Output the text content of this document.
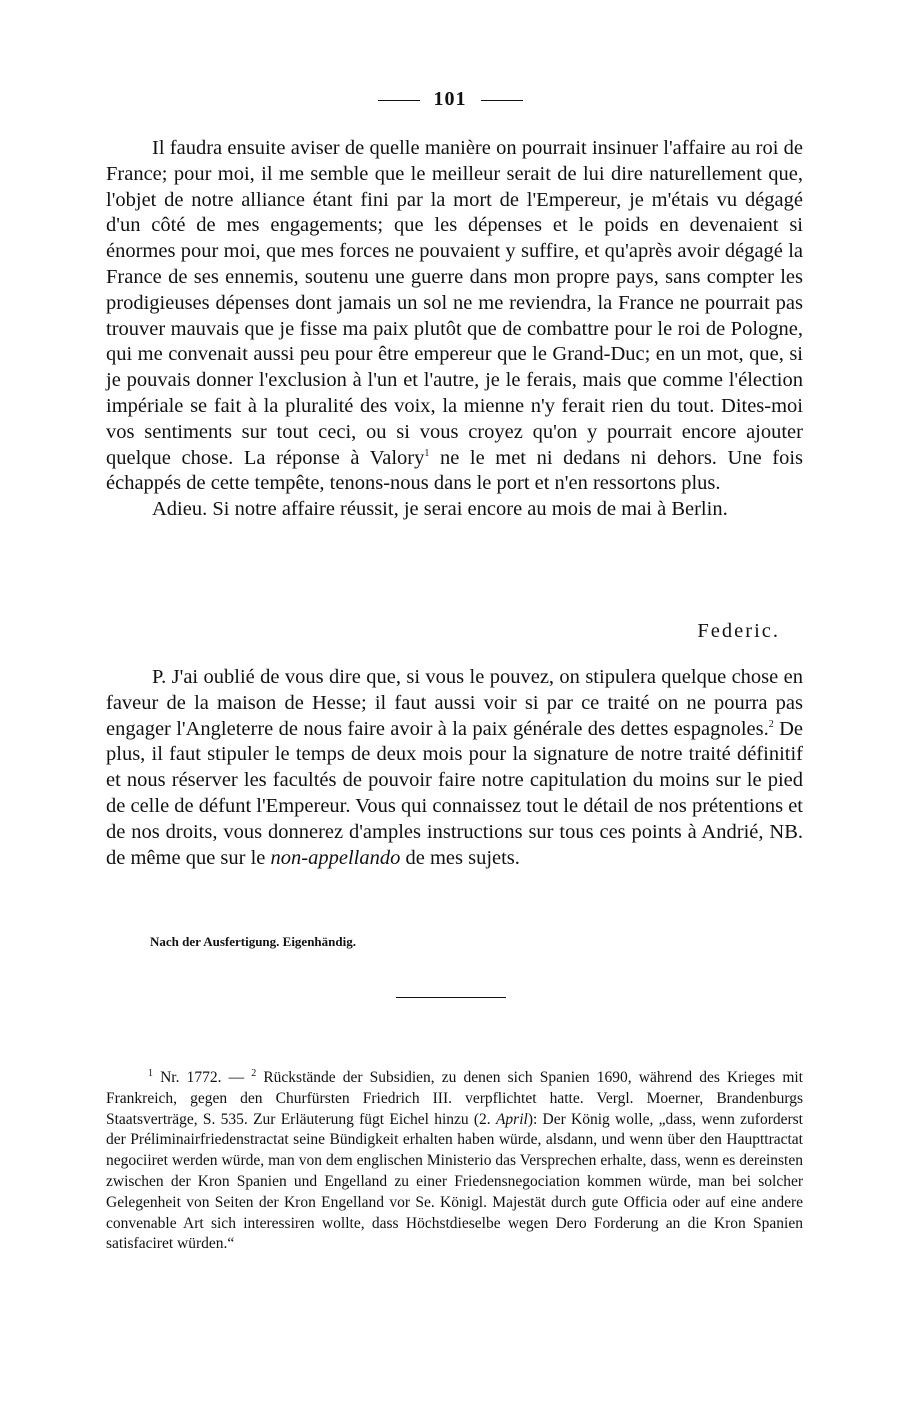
101

Il faudra ensuite aviser de quelle manière on pourrait insinuer l'affaire au roi de France; pour moi, il me semble que le meilleur serait de lui dire naturellement que, l'objet de notre alliance étant fini par la mort de l'Empereur, je m'étais vu dégagé d'un côté de mes engagements; que les dépenses et le poids en devenaient si énormes pour moi, que mes forces ne pouvaient y suffire, et qu'après avoir dégagé la France de ses ennemis, soutenu une guerre dans mon propre pays, sans compter les prodigieuses dépenses dont jamais un sol ne me reviendra, la France ne pourrait pas trouver mauvais que je fisse ma paix plutôt que de combattre pour le roi de Pologne, qui me convenait aussi peu pour être empereur que le Grand-Duc; en un mot, que, si je pouvais donner l'exclusion à l'un et l'autre, je le ferais, mais que comme l'élection impériale se fait à la pluralité des voix, la mienne n'y ferait rien du tout. Dites-moi vos sentiments sur tout ceci, ou si vous croyez qu'on y pourrait encore ajouter quelque chose. La réponse à Valory$^1$ ne le met ni dedans ni dehors. Une fois échappés de cette tempête, tenons-nous dans le port et n'en ressortons plus.

Adieu. Si notre affaire réussit, je serai encore au mois de mai à Berlin.

Federic.

P. J'ai oublié de vous dire que, si vous le pouvez, on stipulera quelque chose en faveur de la maison de Hesse; il faut aussi voir si par ce traité on ne pourra pas engager l'Angleterre de nous faire avoir à la paix générale des dettes espagnoles.$^2$ De plus, il faut stipuler le temps de deux mois pour la signature de notre traité définitif et nous réserver les facultés de pouvoir faire notre capitulation du moins sur le pied de celle de défunt l'Empereur. Vous qui connaissez tout le détail de nos prétentions et de nos droits, vous donnerez d'amples instructions sur tous ces points à Andrié, NB. de même que sur le non-appellando de mes sujets.

Nach der Ausfertigung. Eigenhändig.

$^1$ Nr. 1772. — $^2$ Rückstände der Subsidien, zu denen sich Spanien 1690, während des Krieges mit Frankreich, gegen den Churfürsten Friedrich III. verpflichtet hatte. Vergl. Moerner, Brandenburgs Staatsverträge, S. 535. Zur Erläuterung fügt Eichel hinzu (2. April): Der König wolle, „dass, wenn zuforderst der Préliminairfriedenstractat seine Bündigkeit erhalten haben würde, alsdann, und wenn über den Haupttractat negociiret werden würde, man von dem englischen Ministerio das Versprechen erhalte, dass, wenn es dereinsten zwischen der Kron Spanien und Engelland zu einer Friedensnegociation kommen würde, man bei solcher Gelegenheit von Seiten der Kron Engelland vor Se. Königl. Majestät durch gute Officia oder auf eine andere convenable Art sich interessiren wollte, dass Höchstdieselbe wegen Dero Forderung an die Kron Spanien satisfaciret würden.“
